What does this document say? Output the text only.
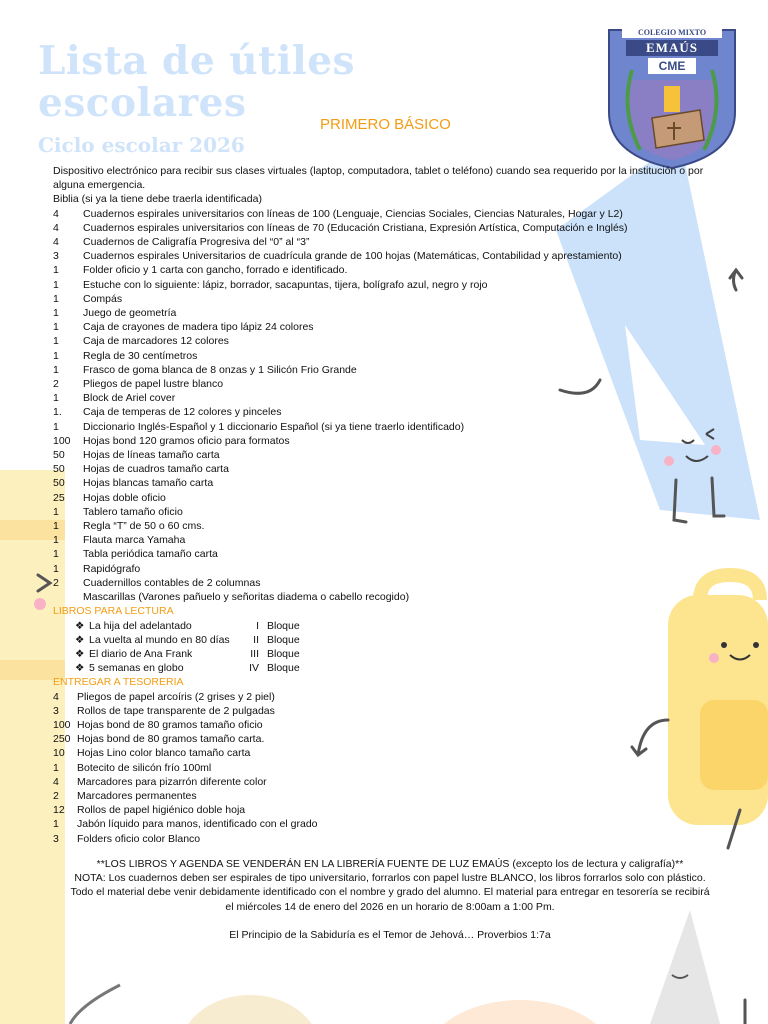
COLEGIO MIXTO
EMAÚS
CME
Lista de útiles
escolares
Ciclo escolar 2026
PRIMERO BÁSICO

Dispositivo electrónico para recibir sus clases virtuales (laptop, computadora, tablet o teléfono) cuando sea requerido por la institución o por alguna emergencia.

Biblia (si ya la tiene debe traerla identificada)

4	Cuadernos espirales universitarios con líneas de 100 (Lenguaje, Ciencias Sociales, Ciencias Naturales, Hogar y L2)
4	Cuadernos espirales universitarios con líneas de 70 (Educación Cristiana, Expresión Artística, Computación e Inglés)
4	Cuadernos de Caligrafía Progresiva del “0” al “3”
3	Cuadernos espirales Universitarios de cuadrícula grande de 100 hojas (Matemáticas, Contabilidad y aprestamiento)
1	Folder oficio y 1 carta con gancho, forrado e identificado.
1	Estuche con lo siguiente: lápiz, borrador, sacapuntas, tijera, bolígrafo azul, negro y rojo
1	Compás
1	Juego de geometría
1	Caja de crayones de madera tipo lápiz 24 colores
1	Caja de marcadores 12 colores
1	Regla de 30 centímetros
1	Frasco de goma blanca de 8 onzas y 1 Silicón Frio Grande
2	Pliegos de papel lustre blanco
1	Block de Ariel cover
1.	Caja de temperas de 12 colores y pinceles
1	Diccionario Inglés-Español y 1 diccionario Español (si ya tiene traerlo identificado)
100	Hojas bond 120 gramos oficio para formatos
50	Hojas de líneas tamaño carta
50	Hojas de cuadros tamaño carta
50	Hojas blancas tamaño carta
25	Hojas doble oficio
1	Tablero tamaño oficio
1	Regla “T” de 50 o 60 cms.
1	Flauta marca Yamaha
1	Tabla periódica tamaño carta
1	Rapidógrafo
2	Cuadernillos contables de 2 columnas
Mascarillas (Varones pañuelo y señoritas diadema o cabello recogido)
LIBROS PARA LECTURA
❖ La hija del adelantado	I Bloque
❖ La vuelta al mundo en 80 días	II Bloque
❖ El diario de Ana Frank	III Bloque
❖ 5 semanas en globo	IV Bloque
ENTREGAR A TESORERIA
4	Pliegos de papel arcoíris (2 grises y 2 piel)
3	Rollos de tape transparente de 2 pulgadas
100 Hojas bond de 80 gramos tamaño oficio
250 Hojas bond de 80 gramos tamaño carta.
10	Hojas Lino color blanco tamaño carta
1	Botecito de silicón frío 100ml
4	Marcadores para pizarrón diferente color
2	Marcadores permanentes
12	Rollos de papel higiénico doble hoja
1	Jabón líquido para manos, identificado con el grado
3	Folders oficio color Blanco

**LOS LIBROS Y AGENDA SE VENDERÁN EN LA LIBRERÍA FUENTE DE LUZ EMAÚS (excepto los de lectura y caligrafía)**

NOTA: Los cuadernos deben ser espirales de tipo universitario, forrarlos con papel lustre BLANCO, los libros forrarlos solo con plástico.

Todo el material debe venir debidamente identificado con el nombre y grado del alumno. El material para entregar en tesorería se recibirá

el miércoles 14 de enero del 2026 en un horario de 8:00am a 1:00 Pm.

El Principio de la Sabiduría es el Temor de Jehová… Proverbios 1:7a
